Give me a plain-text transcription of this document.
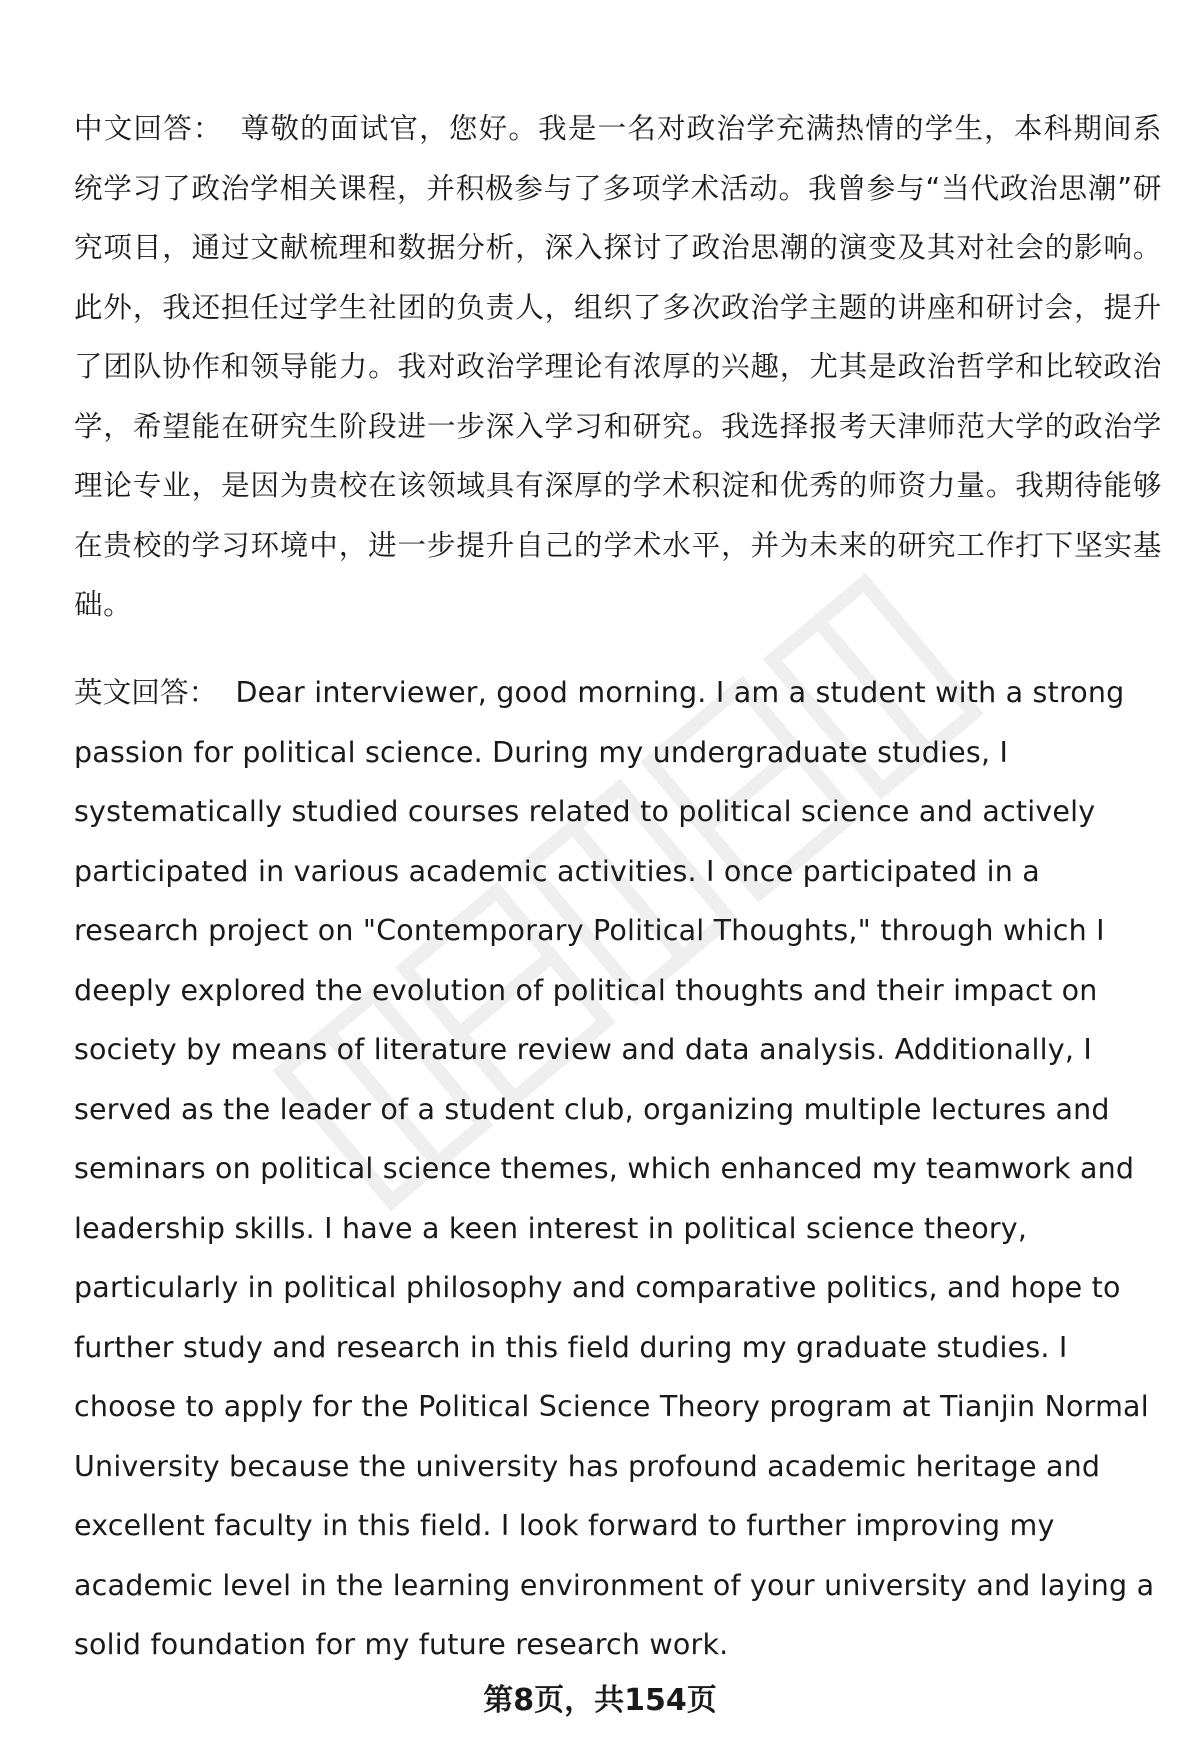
中文回答： 尊敬的面试官，您好。我是一名对政治学充满热情的学生，本科期间系统学习了政治学相关课程，并积极参与了多项学术活动。我曾参与“当代政治思潮”研究项目，通过文献梳理和数据分析，深入探讨了政治思潮的演变及其对社会的影响。此外，我还担任过学生社团的负责人，组织了多次政治学主题的讲座和研讨会，提升了团队协作和领导能力。我对政治学理论有浓厚的兴趣，尤其是政治哲学和比较政治学，希望能在研究生阶段进一步深入学习和研究。我选择报考天津师范大学的政治学理论专业，是因为贵校在该领域具有深厚的学术积淀和优秀的师资力量。我期待能够在贵校的学习环境中，进一步提升自己的学术水平，并为未来的研究工作打下坚实基础。

英文回答： Dear interviewer, good morning. I am a student with a strong passion for political science. During my undergraduate studies, I systematically studied courses related to political science and actively participated in various academic activities. I once participated in a research project on "Contemporary Political Thoughts," through which I deeply explored the evolution of political thoughts and their impact on society by means of literature review and data analysis. Additionally, I served as the leader of a student club, organizing multiple lectures and seminars on political science themes, which enhanced my teamwork and leadership skills. I have a keen interest in political science theory, particularly in political philosophy and comparative politics, and hope to further study and research in this field during my graduate studies. I choose to apply for the Political Science Theory program at Tianjin Normal University because the university has profound academic heritage and excellent faculty in this field. I look forward to further improving my academic level in the learning environment of your university and laying a solid foundation for my future research work.

第8页，共154页
